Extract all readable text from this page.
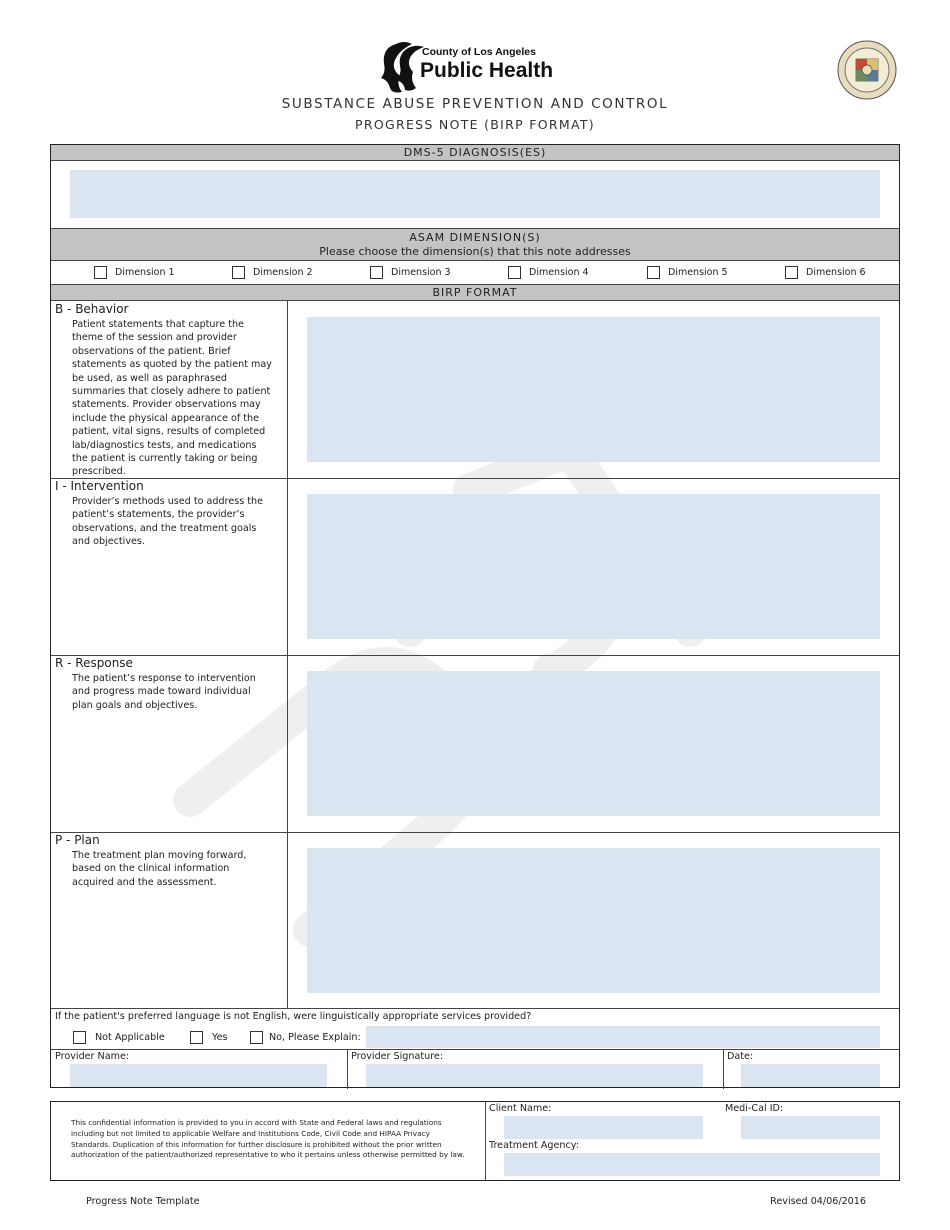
County of Los Angeles
Public Health
SUBSTANCE ABUSE PREVENTION AND CONTROL
PROGRESS NOTE (BIRP FORMAT)
DMS-5 DIAGNOSIS(ES)
ASAM DIMENSION(S)
Please choose the dimension(s) that this note addresses
Dimension 1	Dimension 2	Dimension 3	Dimension 4	Dimension 5	Dimension 6
BIRP FORMAT
B - Behavior
Patient statements that capture the theme of the session and provider observations of the patient. Brief statements as quoted by the patient may be used, as well as paraphrased summaries that closely adhere to patient statements. Provider observations may include the physical appearance of the patient, vital signs, results of completed lab/diagnostics tests, and medications the patient is currently taking or being prescribed.
I - Intervention
Provider’s methods used to address the patient’s statements, the provider’s observations, and the treatment goals and objectives.
R - Response
The patient’s response to intervention and progress made toward individual plan goals and objectives.
P - Plan
The treatment plan moving forward, based on the clinical information acquired and the assessment.
If the patient's preferred language is not English, were linguistically appropriate services provided?
Not Applicable	Yes	No, Please Explain:
Provider Name:	Provider Signature:	Date:
This confidential information is provided to you in accord with State and Federal laws and regulations including but not limited to applicable Welfare and Institutions Code, Civil Code and HIPAA Privacy Standards. Duplication of this information for further disclosure is prohibited without the prior written authorization of the patient/authorized representative to who it pertains unless otherwise permitted by law.
Client Name:	Medi-Cal ID:
Treatment Agency:
Progress Note Template	Revised 04/06/2016
